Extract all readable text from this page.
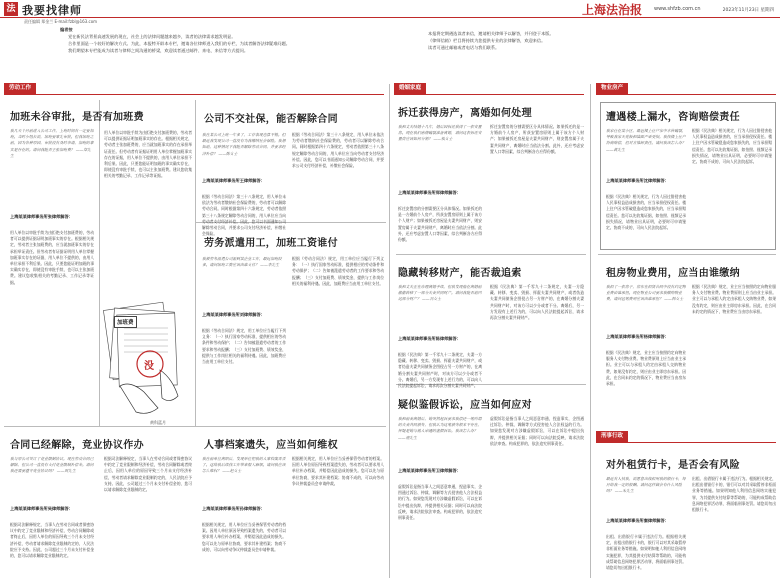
法 我要找律师	上海法治报 www.shfzb.com.cn	2023年11月23日 星期四
责任编辑 郑金兰 E-mail:fzbl@163.com
编者按

党在新民法背景高速发展的现在，社会上的法律问题越来越多，读者的法律需求越发明显。

合作里面是一个较好的解决方式。为此，本报特开辟本专栏，邀请各位律师进入我们的专栏，为读者解答法律疑难问题。

我们期望本专栏能成为读者与律师之间沟通的桥梁，欢迎读者通过邮件、来电、来信等方式提问。

本报将定期遴选读者来信，邀请相关律师予以解答，并刊登于本版。

《律师信箱》栏目将持续为您提供专业的法律解答，欢迎来信。

读者可通过邮箱或者电话与我们联系。

劳动工作	婚姻家庭	物业房产
刑事行政
加班未谷审批，是否有加班费
我几天个月前进入公司工作，上班时间有一定要加班。当时小组长说，加班要事先审批。但我加班之前，因为各种原因，审批没有及时申请，加班的事实是存在的。请问我能否主张加班费？ ——郑先生
上海某某律师事务所张律师解答：
用人单位以审批手续为由拒绝支付加班费的，劳动者可以提供证据证明加班事实的存在。根据相关规定，劳动者主张加班费的，应当就加班事实的存在承担举证责任。但劳动者有证据证明用人单位掌握加班事实存在的证据，用人单位不提供的，由用人单位承担不利后果。因此，只要您能证明加班的事实确实存在，即使没有审批手续，也可以主张加班费。建议您收集相关的考勤记录、工作记录等证据。
用人单位以审批手续为由拒绝支付加班费的，劳动者可以提供证据证明加班事实的存在。根据相关规定，劳动者主张加班费的，应当就加班事实的存在承担举证责任。但劳动者有证据证明用人单位掌握加班事实存在的证据，用人单位不提供的，由用人单位承担不利后果。因此，只要您能证明加班的事实确实存在，即使没有审批手续，也可以主张加班费。建议您收集相关的考勤记录、工作记录等证据。
公司不交社保，能否解除合同
我在某公司上班一年多了，工作表现也算不错。但最近我发现公司一直没有为我缴纳社会保险。我想知道，这种情况下我能否解除劳动合同，并要求经济补偿？ ——陈女士
上海某某律师事务所王律师解答：
根据《劳动合同法》第三十八条规定，用人单位未依法为劳动者缴纳社会保险费的，劳动者可以解除劳动合同。同时根据第四十六条规定，劳动者依照第三十八条规定解除劳动合同的，用人单位应当向劳动者支付经济补偿。因此，您可以书面通知公司解除劳动合同，并要求公司支付经济补偿，补缴社会保险。
根据《劳动合同法》第三十八条规定，用人单位未依法为劳动者缴纳社会保险费的，劳动者可以解除劳动合同。同时根据第四十六条规定，劳动者依照第三十八条规定解除劳动合同的，用人单位应当向劳动者支付经济补偿。因此，您可以书面通知公司解除劳动合同，并要求公司支付经济补偿，补缴社会保险。
劳务派遣用工，加班工资谁付
我被劳务派遣公司派到某企业工作，最近加班较多。请问加班工资应该由谁支付？ ——李先生
上海某某律师事务所刘律师解答：
根据《劳动合同法》规定，用工单位应当履行下列义务：（一）执行国家劳动标准，提供相应的劳动条件和劳动保护；（二）告知被派遣劳动者的工作要求和劳动报酬；（三）支付加班费、绩效奖金，提供与工作岗位相关的福利待遇。因此，加班费应当由用工单位支付。
根据《劳动合同法》规定，用工单位应当履行下列义务：（一）执行国家劳动标准，提供相应的劳动条件和劳动保护；（二）告知被派遣劳动者的工作要求和劳动报酬；（三）支付加班费、绩效奖金，提供与工作岗位相关的福利待遇。因此，加班费应当由用工单位支付。
加班费
没
黄科蓝月
人事档案遗失，应当如何维权
我在前单位离职后，发现单位把我的人事档案弄丢了。这给我后续找工作带来很大麻烦。请问我应该怎么维权？ ——赵女士
上海某某律师事务所孙律师解答：
根据相关规定，用人单位应当妥善保管劳动者的档案。因用人单位原因导致档案遗失的，劳动者可以要求用人单位补办档案，并赔偿因此造成的损失。您可以先与原单位协商，要求其补建档案；协商不成的，可以向劳动争议仲裁委员会申请仲裁。
根据相关规定，用人单位应当妥善保管劳动者的档案。因用人单位原因导致档案遗失的，劳动者可以要求用人单位补办档案，并赔偿因此造成的损失。您可以先与原单位协商，要求其补建档案；协商不成的，可以向劳动争议仲裁委员会申请仲裁。
合同已经解除，竞业协议作办
我与原公司签订了竞业限制协议。现在劳动合同已解除，但公司一直没有支付竞业限制补偿金。请问我还需要遵守竞业协议吗？ ——周先生
上海某某律师事务所吴律师解答：
根据司法解释规定，当事人在劳动合同或者保密协议中约定了竞业限制和经济补偿，劳动合同解除或者终止后，因用人单位的原因导致三个月未支付经济补偿，劳动者请求解除竞业限制约定的，人民法院应予支持。因此，公司超过三个月未支付补偿金的，您可以请求解除竞业限制约定。
根据司法解释规定，当事人在劳动合同或者保密协议中约定了竞业限制和经济补偿，劳动合同解除或者终止后，因用人单位的原因导致三个月未支付经济补偿，劳动者请求解除竞业限制约定的，人民法院应予支持。因此，公司超过三个月未支付补偿金的，您可以请求解除竞业限制约定。
拆迁获得房产，离婚如何处理
我和丈夫结婚十几年，婚后因拆迁获得了一套安置房。现在我们感情破裂准备离婚，请问这套拆迁安置房应该如何分割？ ——钱女士
上海某某律师事务所郑律师解答：
拆迁安置房的分割需要区分具体情况。如果拆迁的是一方婚前个人房产，所获安置房原则上属于该方个人财产；如果被拆迁房屋是夫妻共同财产，则安置房属于夫妻共同财产，离婚时应当依法分割。此外，还应考虑安置人口等因素，综合判断各方应得份额。
拆迁安置房的分割需要区分具体情况。如果拆迁的是一方婚前个人房产，所获安置房原则上属于该方个人财产；如果被拆迁房屋是夫妻共同财产，则安置房属于夫妻共同财产，离婚时应当依法分割。此外，还应考虑安置人口等因素，综合判断各方应得份额。
隐藏转移财产，能否裁追索
我和丈夫正在办理离婚手续，但我发现他在离婚前偷偷转移了一部分夫妻共同财产。请问我能否追回这部分财产？ ——冯女士
上海某某律师事务所陈律师解答：
根据《民法典》第一千零九十二条规定，夫妻一方隐藏、转移、变卖、毁损、挥霍夫妻共同财产，或者伪造夫妻共同债务企图侵占另一方财产的，在离婚分割夫妻共同财产时，对该方可以少分或者不分。离婚后，另一方发现有上述行为的，可以向人民法院提起诉讼，请求再次分割夫妻共同财产。
根据《民法典》第一千零九十二条规定，夫妻一方隐藏、转移、变卖、毁损、挥霍夫妻共同财产，或者伪造夫妻共同债务企图侵占另一方财产的，在离婚分割夫妻共同财产时，对该方可以少分或者不分。离婚后，另一方发现有上述行为的，可以向人民法院提起诉讼，请求再次分割夫妻共同财产。
疑似鉴假诉讼，应当如何应对
我和前妻离婚后，她突然起诉要求我偿还一笔所谓的夫妻共同债务，但我认为这笔债务根本不存在，怀疑是她与他人串通的虚假诉讼。我该怎么办？ ——褚先生
上海某某律师事务所卫律师解答：
虚假诉讼是指当事人之间恶意串通，捏造事实，企图通过诉讼、仲裁、调解等方式侵害他人合法权益的行为。如果您发现对方涉嫌虚假诉讼，可以在诉讼中提出抗辩，并提供相关证据；同时可以向法院反映，请求法院依法审查。构成犯罪的，依法追究刑事责任。
虚假诉讼是指当事人之间恶意串通，捏造事实，企图通过诉讼、仲裁、调解等方式侵害他人合法权益的行为。如果您发现对方涉嫌虚假诉讼，可以在诉讼中提出抗辩，并提供相关证据；同时可以向法院反映，请求法院依法审查。构成犯罪的，依法追究刑事责任。
遭遇楼上漏水，咨询赔偿责任
我家住在某小区，最近楼上住户家中水管破裂，导致我家天花板和墙面严重受损。我找楼上住户协商赔偿，但对方推卸责任。请问我该怎么办？ ——蒋先生
上海某某律师事务所沈律师解答：
根据《民法典》相关规定，行为人因过错侵害他人民事权益造成损害的，应当承担侵权责任。楼上住户因水管破裂造成您家损失的，应当承担赔偿责任。您可以先收集证据，如拍照、视频记录损失情况，请物业出具证明，必要时可申请鉴定。协商不成的，可向人民法院起诉。
根据《民法典》相关规定，行为人因过错侵害他人民事权益造成损害的，应当承担侵权责任。楼上住户因水管破裂造成您家损失的，应当承担赔偿责任。您可以先收集证据，如拍照、视频记录损失情况，请物业出具证明，必要时可申请鉴定。协商不成的，可向人民法院起诉。
租房物业费用，应当由谁缴纳
我租了一套房子，房东在租赁合同中没有约定物业费由谁承担。现在物业公司要求我缴纳物业费，请问这笔费用应该由谁承担？ ——韩女士
上海某某律师事务所杨律师解答：
根据《民法典》规定，业主应当按照约定向物业服务人支付物业费。物业费原则上应当由业主承担。业主可以与承租人约定由承租人交纳物业费，如果没有约定，则应由业主即房东承担。因此，在合同未约定的情况下，物业费应当由房东承担。
根据《民法典》规定，业主应当按照约定向物业服务人支付物业费。物业费原则上应当由业主承担。业主可以与承租人约定由承租人交纳物业费，如果没有约定，则应由业主即房东承担。因此，在合同未约定的情况下，物业费应当由房东承担。
对外租赁行卡，是否会有风险
最近有人找我，说愿意出钱租用我的银行卡，每月给我一定的报酬。请问这样做会有什么风险吗？ ——朱先生
上海某某律师事务所秦律师解答：
出租、出借银行卡属于违法行为。根据相关规定，出租出借银行卡的，银行可以对其采取暂停非柜面业务等措施。如果明知他人利用信息网络实施犯罪，为其提供支付结算等帮助的，可能构成帮助信息网络犯罪活动罪，将面临刑事处罚。请您切勿出租银行卡。
出租、出借银行卡属于违法行为。根据相关规定，出租出借银行卡的，银行可以对其采取暂停非柜面业务等措施。如果明知他人利用信息网络实施犯罪，为其提供支付结算等帮助的，可能构成帮助信息网络犯罪活动罪，将面临刑事处罚。请您切勿出租银行卡。
